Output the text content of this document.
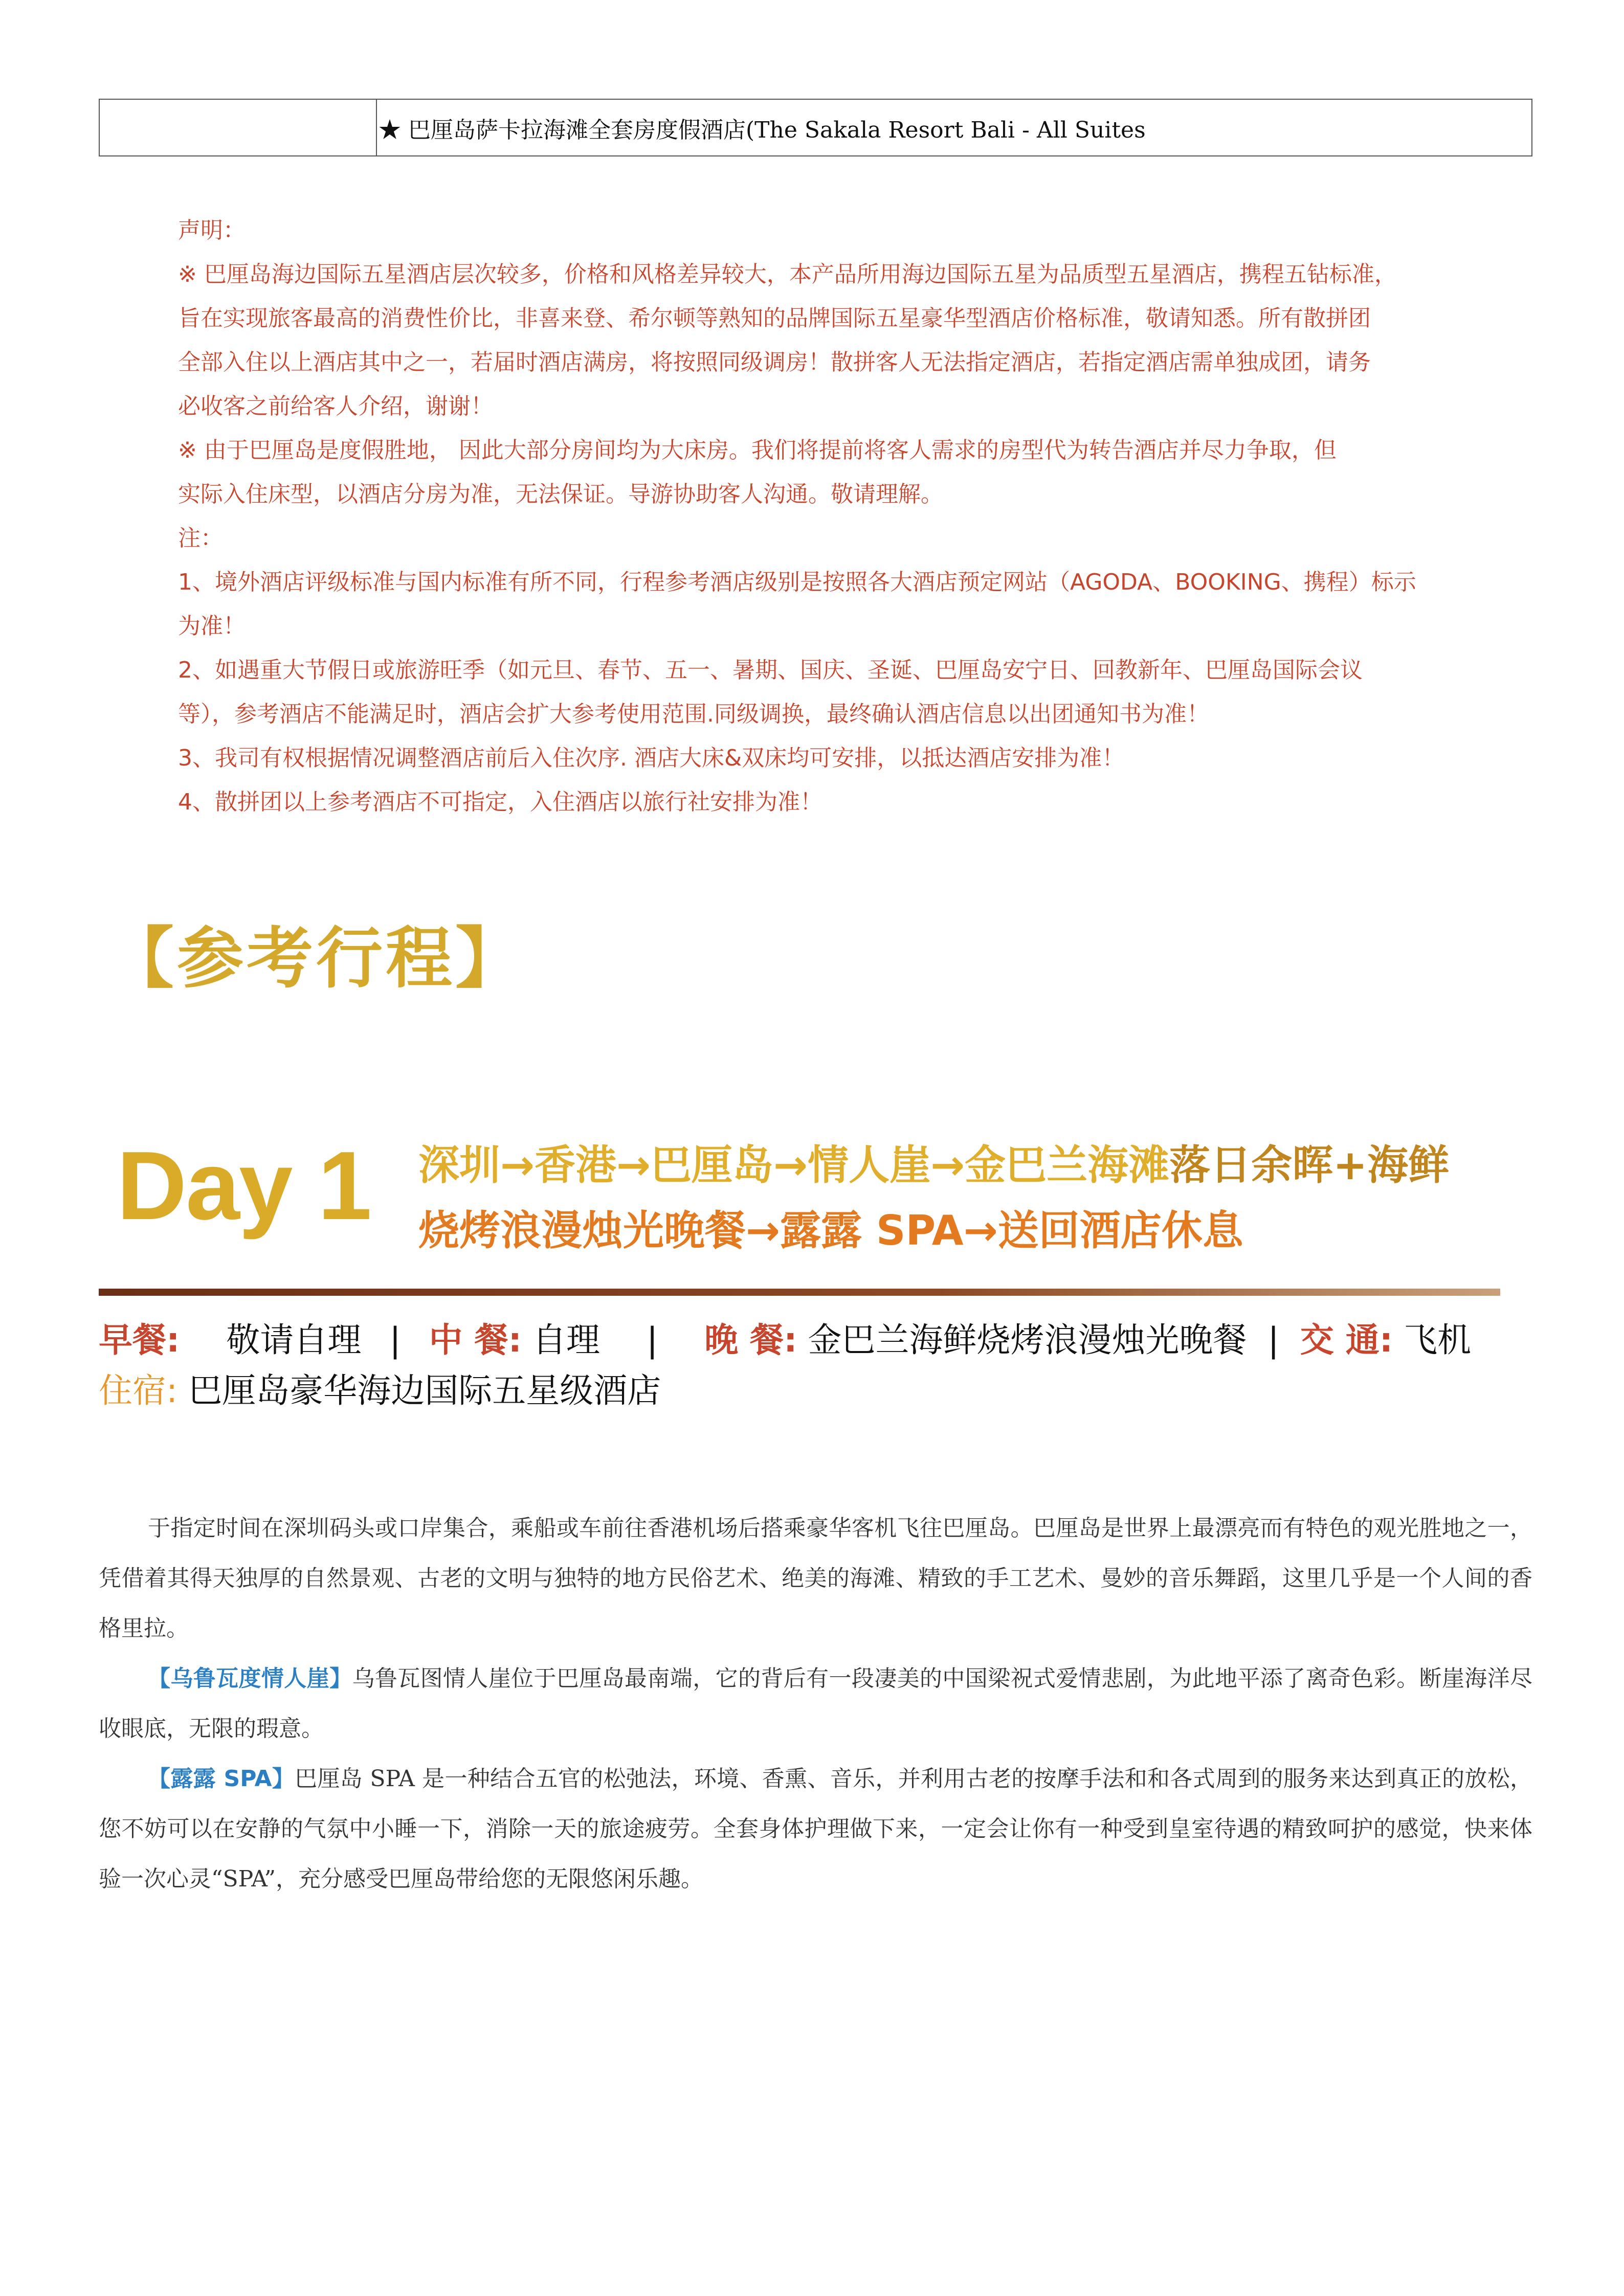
★ 巴厘岛萨卡拉海滩全套房度假酒店(The Sakala Resort Bali - All Suites

声明：

※ 巴厘岛海边国际五星酒店层次较多，价格和风格差异较大，本产品所用海边国际五星为品质型五星酒店，携程五钻标准，

旨在实现旅客最高的消费性价比，非喜来登、希尔顿等熟知的品牌国际五星豪华型酒店价格标准，敬请知悉。所有散拼团

全部入住以上酒店其中之一，若届时酒店满房，将按照同级调房！散拼客人无法指定酒店，若指定酒店需单独成团，请务

必收客之前给客人介绍，谢谢！

※ 由于巴厘岛是度假胜地， 因此大部分房间均为大床房。我们将提前将客人需求的房型代为转告酒店并尽力争取，但

实际入住床型，以酒店分房为准，无法保证。导游协助客人沟通。敬请理解。

注：

1、境外酒店评级标准与国内标准有所不同，行程参考酒店级别是按照各大酒店预定网站（AGODA、BOOKING、携程）标示

为准！

2、如遇重大节假日或旅游旺季（如元旦、春节、五一、暑期、国庆、圣诞、巴厘岛安宁日、回教新年、巴厘岛国际会议

等），参考酒店不能满足时，酒店会扩大参考使用范围.同级调换，最终确认酒店信息以出团通知书为准！

3、我司有权根据情况调整酒店前后入住次序. 酒店大床&双床均可安排，以抵达酒店安排为准！

4、散拼团以上参考酒店不可指定，入住酒店以旅行社安排为准！

【参考行程】
Day 1 深圳→香港→巴厘岛→情人崖→金巴兰海滩落日余晖+海鲜
烧烤浪漫烛光晚餐→露露 SPA→送回酒店休息
早餐: 敬请自理 | 中 餐: 自理 | 晚 餐: 金巴兰海鲜烧烤浪漫烛光晚餐 | 交 通: 飞机
住宿: 巴厘岛豪华海边国际五星级酒店

于指定时间在深圳码头或口岸集合，乘船或车前往香港机场后搭乘豪华客机飞往巴厘岛。巴厘岛是世界上最漂亮而有特色的观光胜地之一，凭借着其得天独厚的自然景观、古老的文明与独特的地方民俗艺术、绝美的海滩、精致的手工艺术、曼妙的音乐舞蹈，这里几乎是一个人间的香格里拉。

【乌鲁瓦度情人崖】乌鲁瓦图情人崖位于巴厘岛最南端，它的背后有一段凄美的中国梁祝式爱情悲剧，为此地平添了离奇色彩。断崖海洋尽收眼底，无限的瑕意。

【露露 SPA】巴厘岛 SPA 是一种结合五官的松弛法，环境、香熏、音乐，并利用古老的按摩手法和和各式周到的服务来达到真正的放松，您不妨可以在安静的气氛中小睡一下，消除一天的旅途疲劳。全套身体护理做下来，一定会让你有一种受到皇室待遇的精致呵护的感觉，快来体验一次心灵“SPA”，充分感受巴厘岛带给您的无限悠闲乐趣。
